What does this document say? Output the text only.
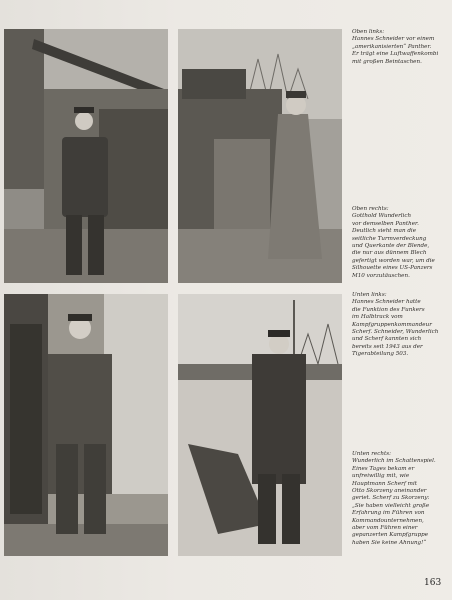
Oben links:
Hannes Schneider vor einem
„amerikanisierten“ Panther.
Er trägt eine Luftwaffenkombi
mit großen Beintaschen.
Oben rechts:
Gotthold Wunderlich
vor demselben Panther.
Deutlich sieht man die
seitliche Turmverdeckung
und Querkante der Blende,
die nur aus dünnem Blech
gefertigt worden war, um die
Silhouette eines US-Panzers
M10 vorzutäuschen.
Unten links:
Hannes Schneider hatte
die Funktion des Funkers
im Halbtrack vom
Kampfgruppenkommandeur
Scherf. Schneider, Wunderlich
und Scherf kannten sich
bereits seit 1943 aus der
Tigerabteilung 503.
Unten rechts:
Wunderlich im Schattenspiel.
Eines Tages bekam er
unfreiwillig mit, wie
Hauptmann Scherf mit
Otto Skorzeny aneinander
geriet. Scherf zu Skorzeny:
„Sie haben vielleicht große
Erfahrung im Führen von
Kommandounternehmen,
aber vom Führen einer
gepanzerten Kampfgruppe
haben Sie keine Ahnung!“
163
